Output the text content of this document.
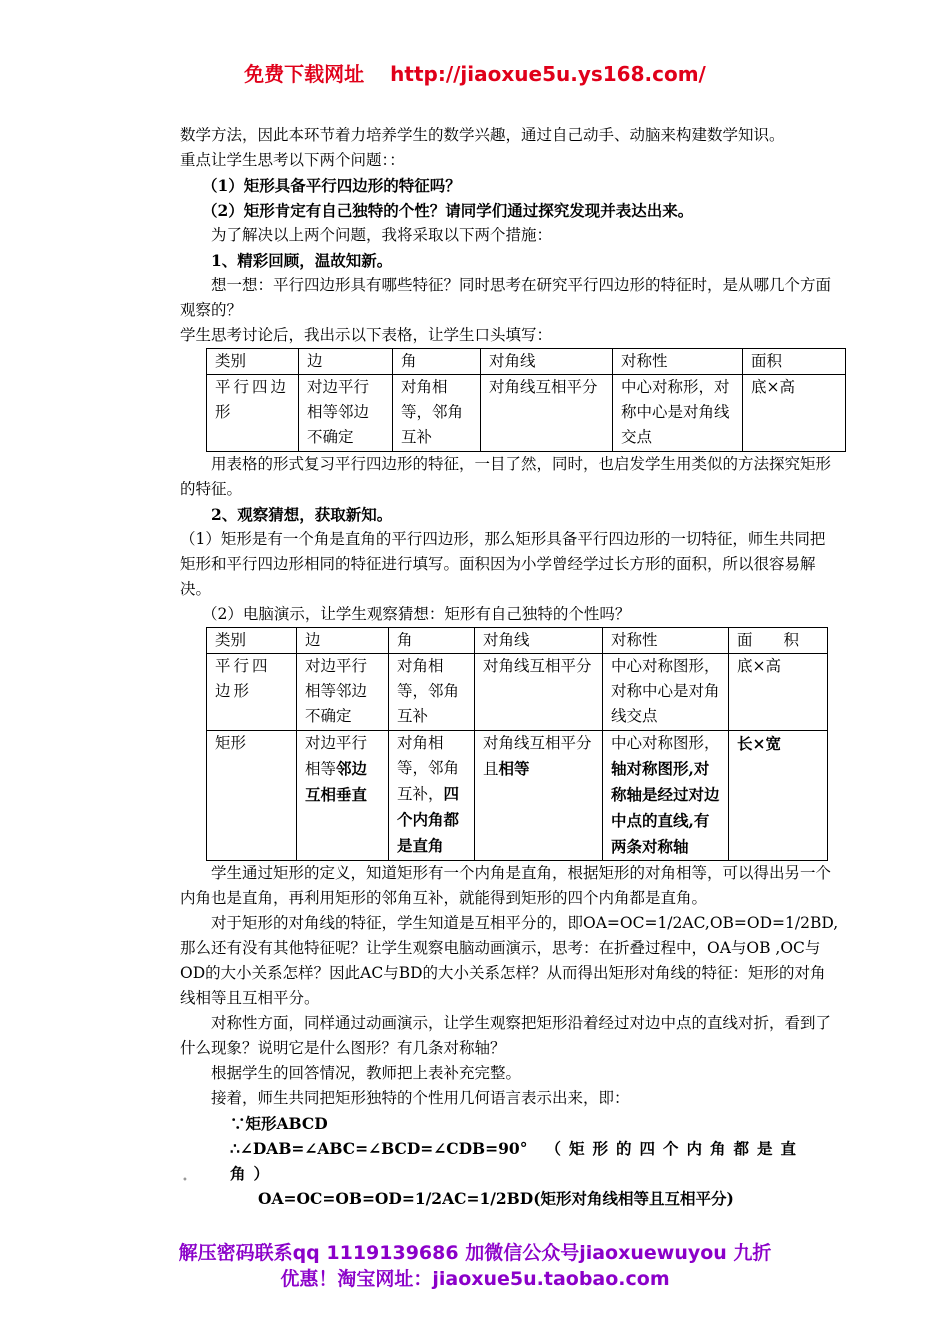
免费下载网址 http://jiaoxue5u.ys168.com/

数学方法，因此本环节着力培养学生的数学兴趣，通过自己动手、动脑来构建数学知识。

重点让学生思考以下两个问题：：

（1）矩形具备平行四边形的特征吗？

（2）矩形肯定有自己独特的个性？请同学们通过探究发现并表达出来。

为了解决以上两个问题，我将采取以下两个措施：

1、精彩回顾，温故知新。

想一想：平行四边形具有哪些特征？同时思考在研究平行四边形的特征时，是从哪几个方面观察的？

学生思考讨论后，我出示以下表格，让学生口头填写：

类别	边	角	对角线	对称性	面积
平行四边形	对边平行相等邻边不确定	对角相等，邻角互补	对角线互相平分	中心对称形，对称中心是对角线交点	底×高

用表格的形式复习平行四边形的特征，一目了然，同时，也启发学生用类似的方法探究矩形的特征。

2、观察猜想，获取新知。

（1）矩形是有一个角是直角的平行四边形，那么矩形具备平行四边形的一切特征，师生共同把矩形和平行四边形相同的特征进行填写。面积因为小学曾经学过长方形的面积，所以很容易解决。

（2）电脑演示，让学生观察猜想：矩形有自己独特的个性吗？

类别	边	角	对角线	对称性	面　　积
平行四边形	对边平行相等邻边不确定	对角相等，邻角互补	对角线互相平分	中心对称图形，对称中心是对角线交点	底×高
矩形	对边平行相等邻边互相垂直	对角相等，邻角互补，四个内角都是直角	对角线互相平分且相等	中心对称图形，轴对称图形,对称轴是经过对边中点的直线,有两条对称轴	长×宽

学生通过矩形的定义，知道矩形有一个内角是直角，根据矩形的对角相等，可以得出另一个内角也是直角，再利用矩形的邻角互补，就能得到矩形的四个内角都是直角。

对于矩形的对角线的特征，学生知道是互相平分的，即OA=OC=1/2AC,OB=OD=1/2BD,那么还有没有其他特征呢？让学生观察电脑动画演示，思考：在折叠过程中，OA与OB ,OC与OD的大小关系怎样？因此AC与BD的大小关系怎样？从而得出矩形对角线的特征：矩形的对角线相等且互相平分。

对称性方面，同样通过动画演示，让学生观察把矩形沿着经过对边中点的直线对折，看到了什么现象？说明它是什么图形？有几条对称轴？

根据学生的回答情况，教师把上表补充完整。

接着，师生共同把矩形独特的个性用几何语言表示出来，即：

∵矩形ABCD

∴∠DAB=∠ABC=∠BCD=∠CDB=90° （矩形的四个内角都是直角）

OA=OC=OB=OD=1/2AC=1/2BD(矩形对角线相等且互相平分)

•
解压密码联系qq 1119139686 加微信公众号jiaoxuewuyou 九折
优惠！淘宝网址：jiaoxue5u.taobao.com
